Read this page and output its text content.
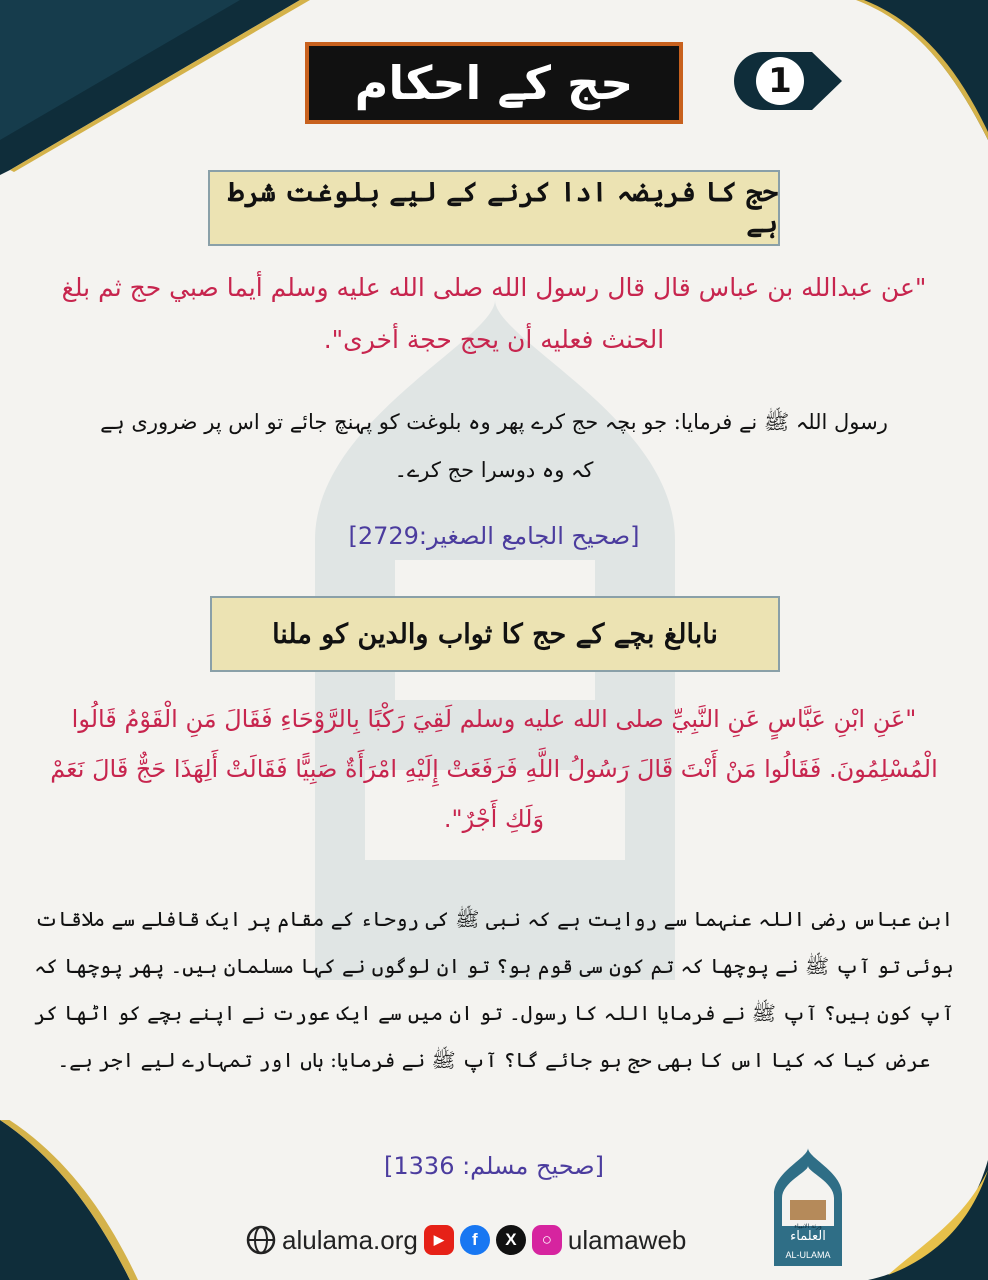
حج کے احکام	1
حج کا فریضہ ادا کرنے کے لیے بلوغت شرط ہے
"عن عبدالله بن عباس قال قال رسول الله صلى الله عليه وسلم أيما صبي حج ثم بلغ الحنث فعليه أن يحج حجة أخرى".
رسول اللہ ﷺ نے فرمایا: جو بچہ حج کرے پھر وہ بلوغت کو پہنچ جائے تو اس پر ضروری ہے کہ وہ دوسرا حج کرے۔
[صحيح الجامع الصغير:2729]
نابالغ بچے کے حج کا ثواب والدین کو ملنا
"عَنِ ابْنِ عَبَّاسٍ عَنِ النَّبِيِّ صلى الله عليه وسلم لَقِيَ رَكْبًا بِالرَّوْحَاءِ فَقَالَ مَنِ الْقَوْمُ قَالُوا الْمُسْلِمُونَ. فَقَالُوا مَنْ أَنْتَ قَالَ رَسُولُ اللَّهِ فَرَفَعَتْ إِلَيْهِ امْرَأَةٌ صَبِيًّا فَقَالَتْ أَلِهَذَا حَجٌّ قَالَ نَعَمْ وَلَكِ أَجْرٌ".
ابن عباس رضی اللہ عنہما سے روایت ہے کہ نبی ﷺ کی روحاء کے مقام پر ایک قافلے سے ملاقات ہوئی تو آپ ﷺ نے پوچھا کہ تم کون سی قوم ہو؟ تو ان لوگوں نے کہا مسلمان ہیں۔ پھر پوچھا کہ آپ کون ہیں؟ آپ ﷺ نے فرمایا اللہ کا رسول۔ تو ان میں سے ایک عورت نے اپنے بچے کو اٹھا کر عرض کیا کہ کیا اس کا بھی حج ہو جائے گا؟ آپ ﷺ نے فرمایا: ہاں اور تمہارے لیے اجر ہے۔
[صحيح مسلم: 1336]
alulama.org	▶	f	X	○ ulamaweb	العلماء
AL-ULAMA
ورثة الانبياء
